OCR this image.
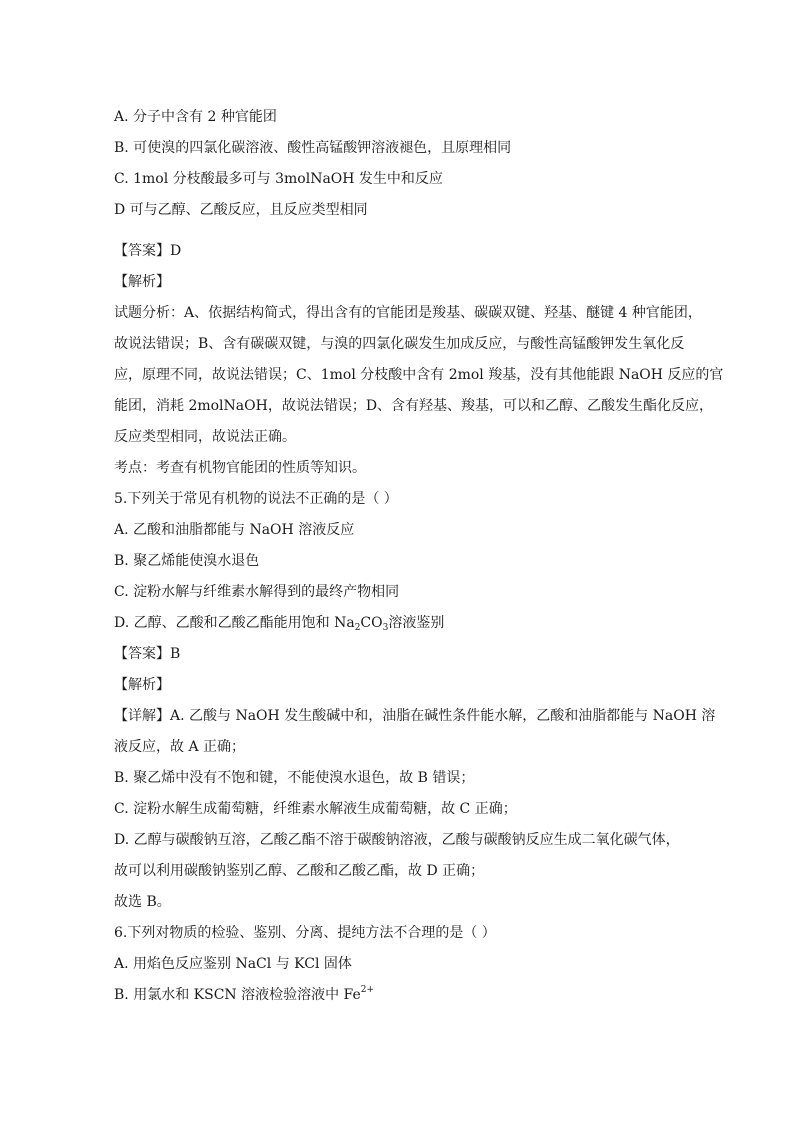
A. 分子中含有 2 种官能团
B. 可使溴的四氯化碳溶液、酸性高锰酸钾溶液褪色，且原理相同
C. 1mol 分枝酸最多可与 3molNaOH 发生中和反应
D 可与乙醇、乙酸反应，且反应类型相同
【答案】D
【解析】
试题分析：A、依据结构简式，得出含有的官能团是羧基、碳碳双键、羟基、醚键 4 种官能团，
故说法错误；B、含有碳碳双键，与溴的四氯化碳发生加成反应，与酸性高锰酸钾发生氧化反
应，原理不同，故说法错误；C、1mol 分枝酸中含有 2mol 羧基，没有其他能跟 NaOH 反应的官
能团，消耗 2molNaOH，故说法错误；D、含有羟基、羧基，可以和乙醇、乙酸发生酯化反应，
反应类型相同，故说法正确。
考点：考查有机物官能团的性质等知识。
5.下列关于常见有机物的说法不正确的是（ ）
A. 乙酸和油脂都能与 NaOH 溶液反应
B. 聚乙烯能使溴水退色
C. 淀粉水解与纤维素水解得到的最终产物相同
D. 乙醇、乙酸和乙酸乙酯能用饱和 $Na_2CO_3$溶液鉴别
【答案】B
【解析】
【详解】A. 乙酸与 NaOH 发生酸碱中和，油脂在碱性条件能水解，乙酸和油脂都能与 NaOH 溶
液反应，故 A 正确；
B. 聚乙烯中没有不饱和键，不能使溴水退色，故 B 错误；
C. 淀粉水解生成葡萄糖，纤维素水解液生成葡萄糖，故 C 正确；
D. 乙醇与碳酸钠互溶，乙酸乙酯不溶于碳酸钠溶液，乙酸与碳酸钠反应生成二氧化碳气体，
故可以利用碳酸钠鉴别乙醇、乙酸和乙酸乙酯，故 D 正确；
故选 B。
6.下列对物质的检验、鉴别、分离、提纯方法不合理的是（ ）
A. 用焰色反应鉴别 NaCl 与 KCl 固体
B. 用氯水和 KSCN 溶液检验溶液中 $Fe^{2+}$
